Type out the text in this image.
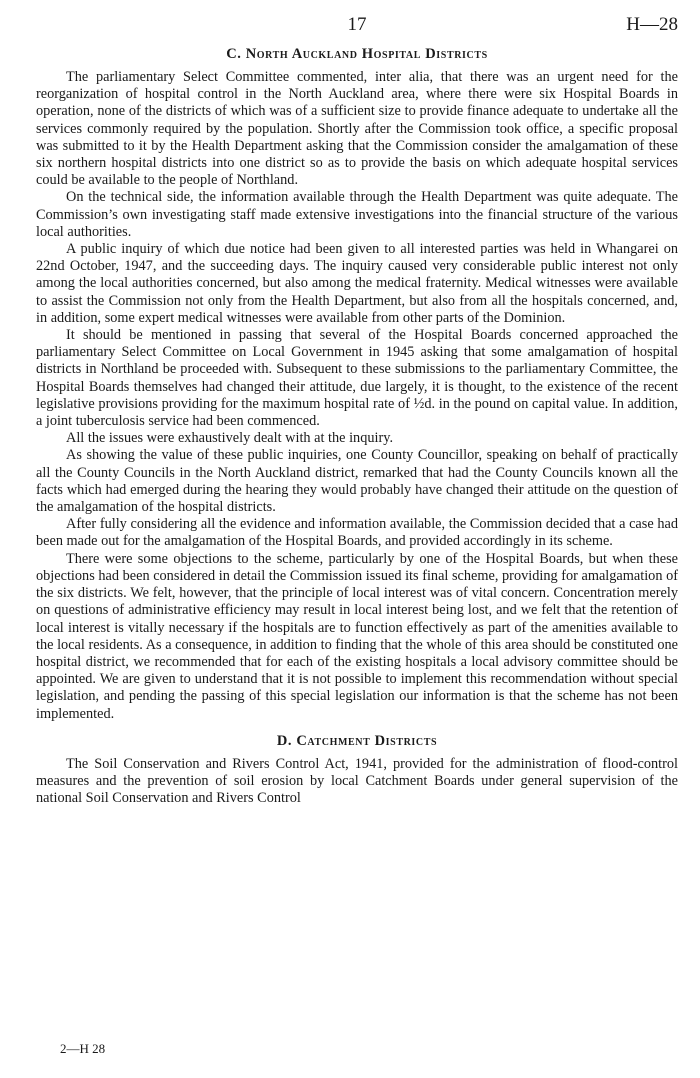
17	H—28
C. North Auckland Hospital Districts

The parliamentary Select Committee commented, inter alia, that there was an urgent need for the reorganization of hospital control in the North Auckland area, where there were six Hospital Boards in operation, none of the districts of which was of a sufficient size to provide finance adequate to undertake all the services commonly required by the population. Shortly after the Commission took office, a specific proposal was submitted to it by the Health Department asking that the Commission consider the amalgamation of these six northern hospital districts into one district so as to provide the basis on which adequate hospital services could be available to the people of Northland.

On the technical side, the information available through the Health Department was quite adequate. The Commission’s own investigating staff made extensive investigations into the financial structure of the various local authorities.

A public inquiry of which due notice had been given to all interested parties was held in Whangarei on 22nd October, 1947, and the succeeding days. The inquiry caused very considerable public interest not only among the local authorities concerned, but also among the medical fraternity. Medical witnesses were available to assist the Commission not only from the Health Department, but also from all the hospitals concerned, and, in addition, some expert medical witnesses were available from other parts of the Dominion.

It should be mentioned in passing that several of the Hospital Boards concerned approached the parliamentary Select Committee on Local Government in 1945 asking that some amalgamation of hospital districts in Northland be proceeded with. Subsequent to these submissions to the parliamentary Committee, the Hospital Boards themselves had changed their attitude, due largely, it is thought, to the existence of the recent legislative provisions providing for the maximum hospital rate of ½d. in the pound on capital value. In addition, a joint tuberculosis service had been commenced.

All the issues were exhaustively dealt with at the inquiry.

As showing the value of these public inquiries, one County Councillor, speaking on behalf of practically all the County Councils in the North Auckland district, remarked that had the County Councils known all the facts which had emerged during the hearing they would probably have changed their attitude on the question of the amalgamation of the hospital districts.

After fully considering all the evidence and information available, the Commission decided that a case had been made out for the amalgamation of the Hospital Boards, and provided accordingly in its scheme.

There were some objections to the scheme, particularly by one of the Hospital Boards, but when these objections had been considered in detail the Commission issued its final scheme, providing for amalgamation of the six districts. We felt, however, that the principle of local interest was of vital concern. Concentration merely on questions of administrative efficiency may result in local interest being lost, and we felt that the retention of local interest is vitally necessary if the hospitals are to function effectively as part of the amenities available to the local residents. As a consequence, in addition to finding that the whole of this area should be constituted one hospital district, we recommended that for each of the existing hospitals a local advisory committee should be appointed. We are given to understand that it is not possible to implement this recommendation without special legislation, and pending the passing of this special legislation our information is that the scheme has not been implemented.

D. Catchment Districts

The Soil Conservation and Rivers Control Act, 1941, provided for the administration of flood-control measures and the prevention of soil erosion by local Catchment Boards under general supervision of the national Soil Conservation and Rivers Control

2—H 28
